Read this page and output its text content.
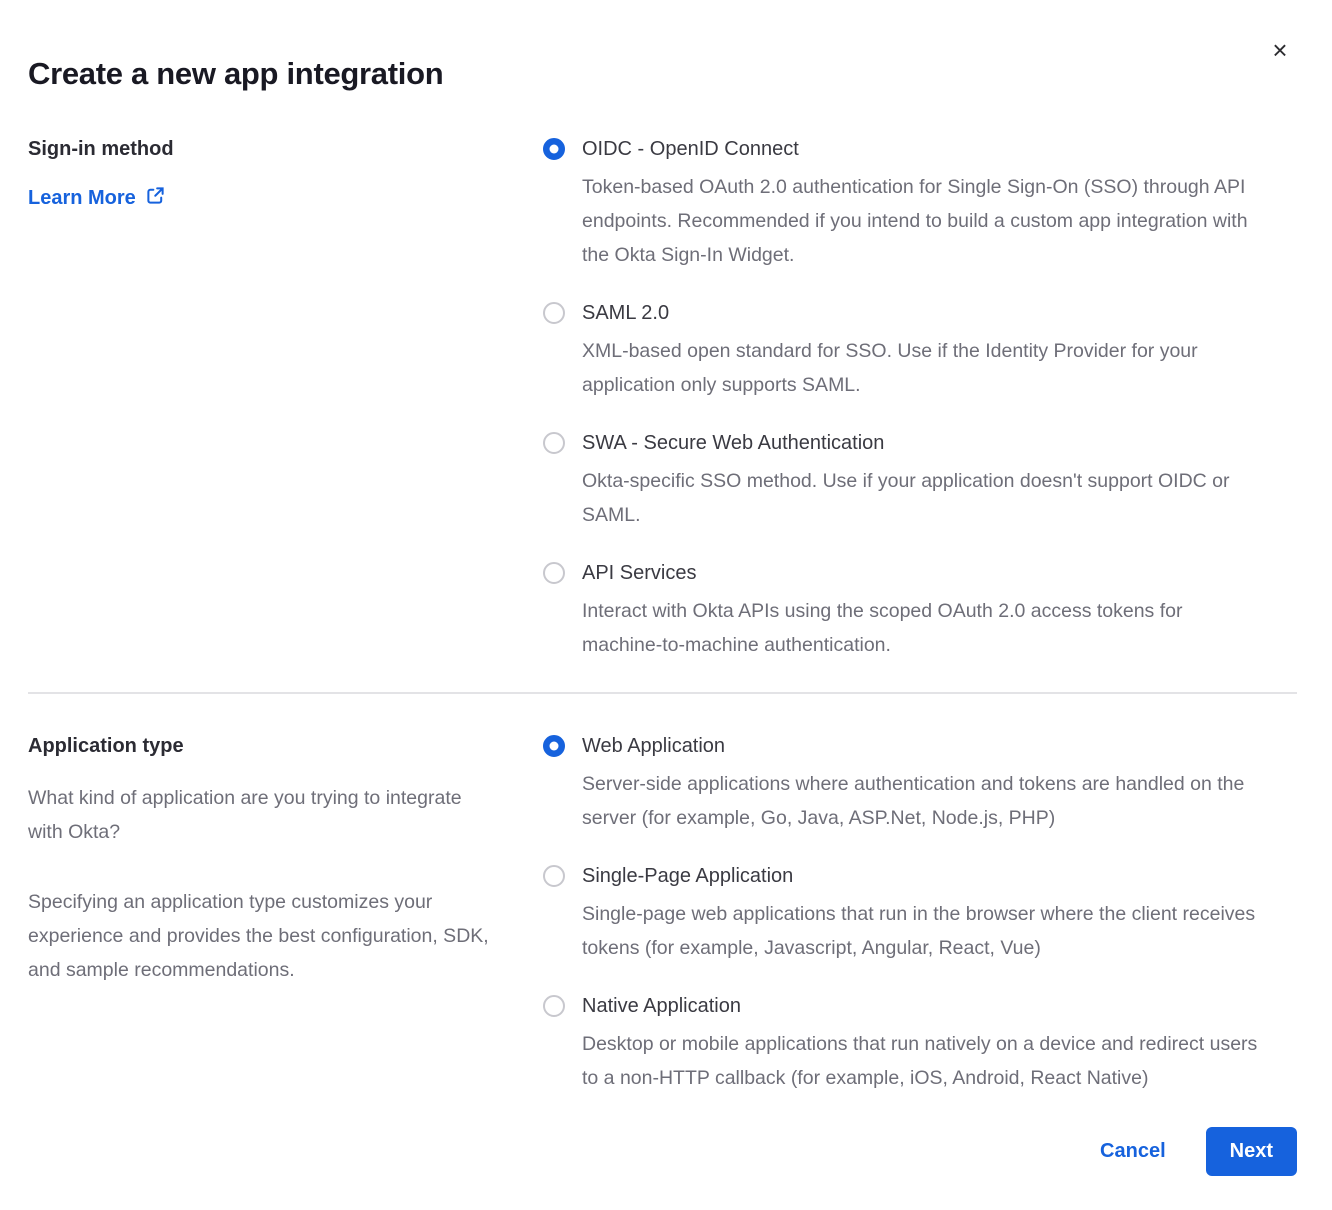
×
Create a new app integration
Sign-in method
Learn More
OIDC - OpenID Connect
Token-based OAuth 2.0 authentication for Single Sign-On (SSO) through API endpoints. Recommended if you intend to build a custom app integration with the Okta Sign-In Widget.
SAML 2.0
XML-based open standard for SSO. Use if the Identity Provider for your application only supports SAML.
SWA - Secure Web Authentication
Okta-specific SSO method. Use if your application doesn't support OIDC or SAML.
API Services
Interact with Okta APIs using the scoped OAuth 2.0 access tokens for machine-to-machine authentication.
Application type

What kind of application are you trying to integrate with Okta?

Specifying an application type customizes your experience and provides the best configuration, SDK, and sample recommendations.

Web Application
Server-side applications where authentication and tokens are handled on the server (for example, Go, Java, ASP.Net, Node.js, PHP)
Single-Page Application
Single-page web applications that run in the browser where the client receives tokens (for example, Javascript, Angular, React, Vue)
Native Application
Desktop or mobile applications that run natively on a device and redirect users to a non-HTTP callback (for example, iOS, Android, React Native)
Cancel	Next
